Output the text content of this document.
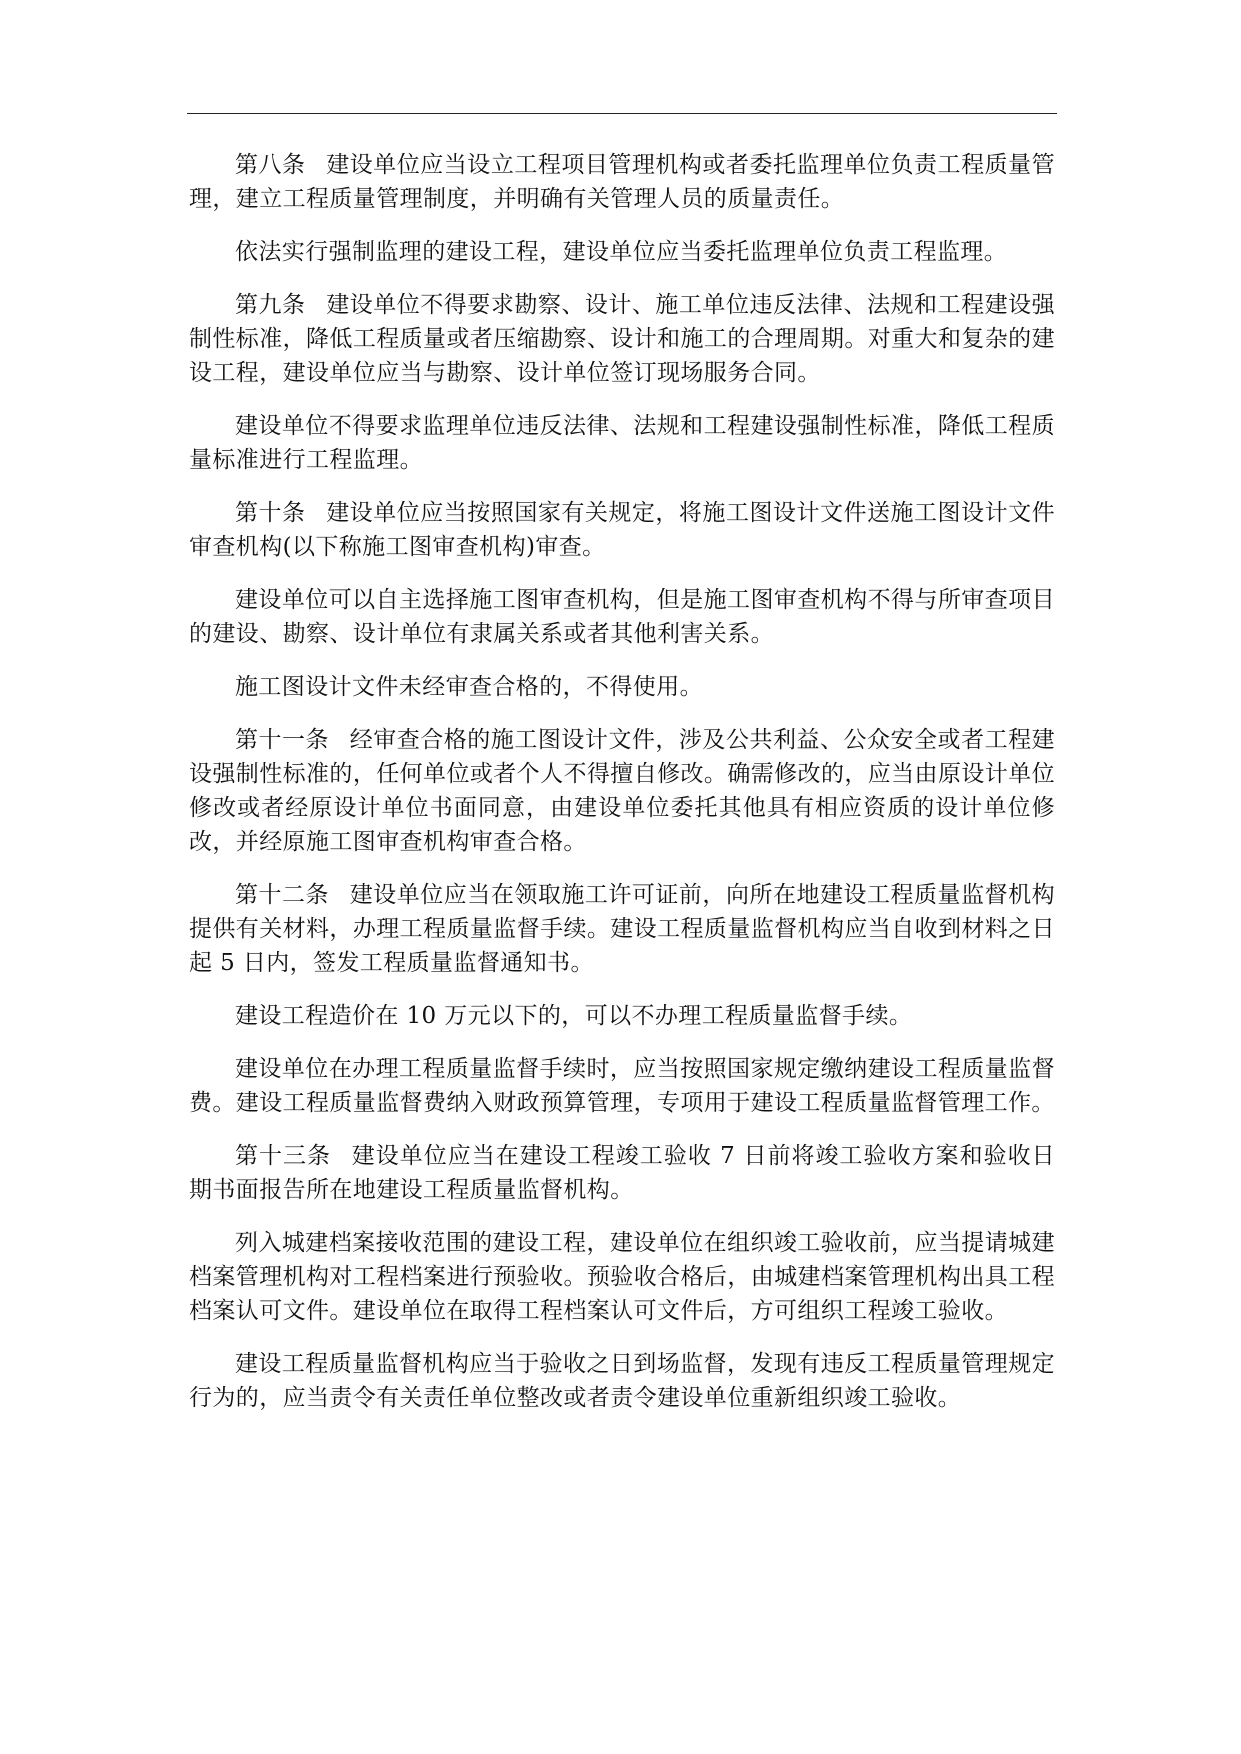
第八条 建设单位应当设立工程项目管理机构或者委托监理单位负责工程质量管理，建立工程质量管理制度，并明确有关管理人员的质量责任。

依法实行强制监理的建设工程，建设单位应当委托监理单位负责工程监理。

第九条 建设单位不得要求勘察、设计、施工单位违反法律、法规和工程建设强制性标准，降低工程质量或者压缩勘察、设计和施工的合理周期。对重大和复杂的建设工程，建设单位应当与勘察、设计单位签订现场服务合同。

建设单位不得要求监理单位违反法律、法规和工程建设强制性标准，降低工程质量标准进行工程监理。

第十条 建设单位应当按照国家有关规定，将施工图设计文件送施工图设计文件审查机构(以下称施工图审查机构)审查。

建设单位可以自主选择施工图审查机构，但是施工图审查机构不得与所审查项目的建设、勘察、设计单位有隶属关系或者其他利害关系。

施工图设计文件未经审查合格的，不得使用。

第十一条 经审查合格的施工图设计文件，涉及公共利益、公众安全或者工程建设强制性标准的，任何单位或者个人不得擅自修改。确需修改的，应当由原设计单位修改或者经原设计单位书面同意，由建设单位委托其他具有相应资质的设计单位修改，并经原施工图审查机构审查合格。

第十二条 建设单位应当在领取施工许可证前，向所在地建设工程质量监督机构提供有关材料，办理工程质量监督手续。建设工程质量监督机构应当自收到材料之日起 5 日内，签发工程质量监督通知书。

建设工程造价在 10 万元以下的，可以不办理工程质量监督手续。

建设单位在办理工程质量监督手续时，应当按照国家规定缴纳建设工程质量监督费。建设工程质量监督费纳入财政预算管理，专项用于建设工程质量监督管理工作。

第十三条 建设单位应当在建设工程竣工验收 7 日前将竣工验收方案和验收日期书面报告所在地建设工程质量监督机构。

列入城建档案接收范围的建设工程，建设单位在组织竣工验收前，应当提请城建档案管理机构对工程档案进行预验收。预验收合格后，由城建档案管理机构出具工程档案认可文件。建设单位在取得工程档案认可文件后，方可组织工程竣工验收。

建设工程质量监督机构应当于验收之日到场监督，发现有违反工程质量管理规定行为的，应当责令有关责任单位整改或者责令建设单位重新组织竣工验收。
